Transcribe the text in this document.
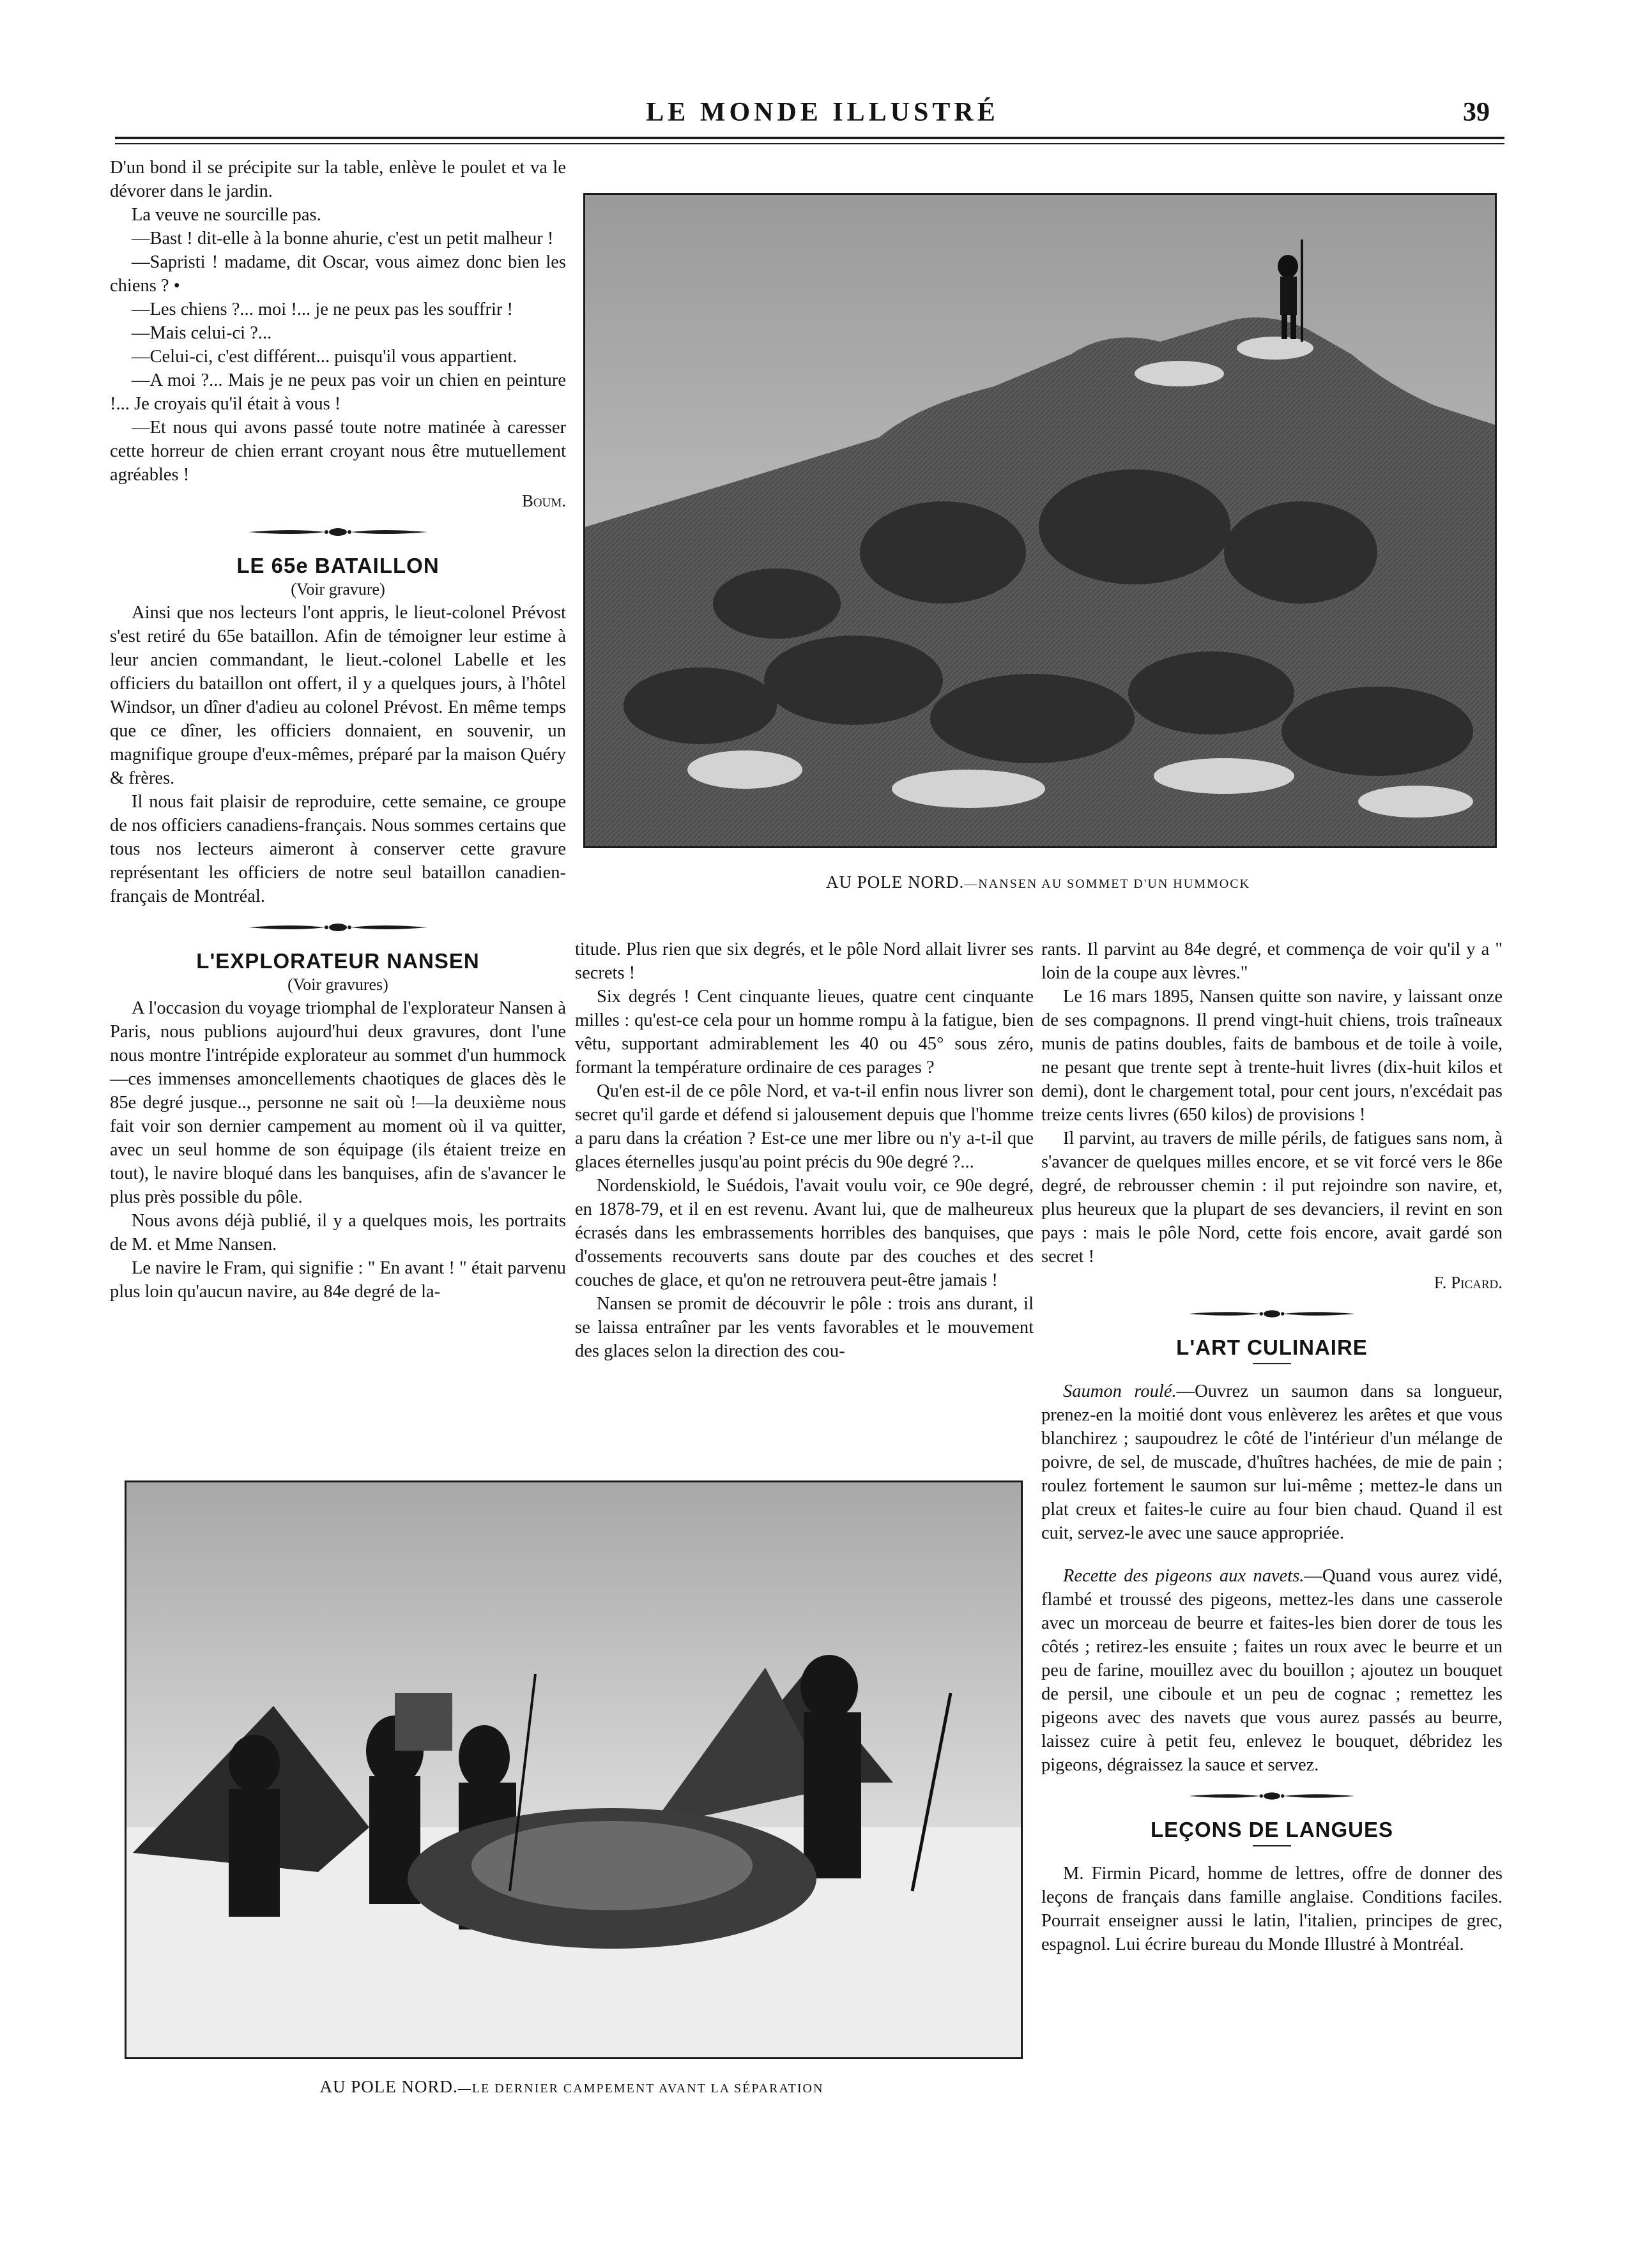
LE MONDE ILLUSTRÉ	39

D'un bond il se précipite sur la table, enlève le poulet et va le dévorer dans le jardin.

La veuve ne sourcille pas.

—Bast ! dit-elle à la bonne ahurie, c'est un petit malheur !

—Sapristi ! madame, dit Oscar, vous aimez donc bien les chiens ? •

—Les chiens ?... moi !... je ne peux pas les souffrir !

—Mais celui-ci ?...

—Celui-ci, c'est différent... puisqu'il vous appartient.

—A moi ?... Mais je ne peux pas voir un chien en peinture !... Je croyais qu'il était à vous !

—Et nous qui avons passé toute notre matinée à caresser cette horreur de chien errant croyant nous être mutuellement agréables !

Boum.
LE 65e BATAILLON

(Voir gravure)

Ainsi que nos lecteurs l'ont appris, le lieut-colonel Prévost s'est retiré du 65e bataillon. Afin de témoigner leur estime à leur ancien commandant, le lieut.-colonel Labelle et les officiers du bataillon ont offert, il y a quelques jours, à l'hôtel Windsor, un dîner d'adieu au colonel Prévost. En même temps que ce dîner, les officiers donnaient, en souvenir, un magnifique groupe d'eux-mêmes, préparé par la maison Quéry & frères.

Il nous fait plaisir de reproduire, cette semaine, ce groupe de nos officiers canadiens-français. Nous sommes certains que tous nos lecteurs aimeront à conserver cette gravure représentant les officiers de notre seul bataillon canadien-français de Montréal.

L'EXPLORATEUR NANSEN

(Voir gravures)

A l'occasion du voyage triomphal de l'explorateur Nansen à Paris, nous publions aujourd'hui deux gravures, dont l'une nous montre l'intrépide explorateur au sommet d'un hummock—ces immenses amoncellements chaotiques de glaces dès le 85e degré jusque.., personne ne sait où !—la deuxième nous fait voir son dernier campement au moment où il va quitter, avec un seul homme de son équipage (ils étaient treize en tout), le navire bloqué dans les banquises, afin de s'avancer le plus près possible du pôle.

Nous avons déjà publié, il y a quelques mois, les portraits de M. et Mme Nansen.

Le navire le Fram, qui signifie : " En avant ! " était parvenu plus loin qu'aucun navire, au 84e degré de la-

AU POLE NORD.—NANSEN AU SOMMET D'UN HUMMOCK

titude. Plus rien que six degrés, et le pôle Nord allait livrer ses secrets !

Six degrés ! Cent cinquante lieues, quatre cent cinquante milles : qu'est-ce cela pour un homme rompu à la fatigue, bien vêtu, supportant admirablement les 40 ou 45° sous zéro, formant la température ordinaire de ces parages ?

Qu'en est-il de ce pôle Nord, et va-t-il enfin nous livrer son secret qu'il garde et défend si jalousement depuis que l'homme a paru dans la création ? Est-ce une mer libre ou n'y a-t-il que glaces éternelles jusqu'au point précis du 90e degré ?...

Nordenskiold, le Suédois, l'avait voulu voir, ce 90e degré, en 1878-79, et il en est revenu. Avant lui, que de malheureux écrasés dans les embrassements horribles des banquises, que d'ossements recouverts sans doute par des couches et des couches de glace, et qu'on ne retrouvera peut-être jamais !

Nansen se promit de découvrir le pôle : trois ans durant, il se laissa entraîner par les vents favorables et le mouvement des glaces selon la direction des cou-

rants. Il parvint au 84e degré, et commença de voir qu'il y a " loin de la coupe aux lèvres."

Le 16 mars 1895, Nansen quitte son navire, y laissant onze de ses compagnons. Il prend vingt-huit chiens, trois traîneaux munis de patins doubles, faits de bambous et de toile à voile, ne pesant que trente sept à trente-huit livres (dix-huit kilos et demi), dont le chargement total, pour cent jours, n'excédait pas treize cents livres (650 kilos) de provisions !

Il parvint, au travers de mille périls, de fatigues sans nom, à s'avancer de quelques milles encore, et se vit forcé vers le 86e degré, de rebrousser chemin : il put rejoindre son navire, et, plus heureux que la plupart de ses devanciers, il revint en son pays : mais le pôle Nord, cette fois encore, avait gardé son secret !

F. Picard.
L'ART CULINAIRE

Saumon roulé.—Ouvrez un saumon dans sa longueur, prenez-en la moitié dont vous enlèverez les arêtes et que vous blanchirez ; saupoudrez le côté de l'intérieur d'un mélange de poivre, de sel, de muscade, d'huîtres hachées, de mie de pain ; roulez fortement le saumon sur lui-même ; mettez-le dans un plat creux et faites-le cuire au four bien chaud. Quand il est cuit, servez-le avec une sauce appropriée.

Recette des pigeons aux navets.—Quand vous aurez vidé, flambé et troussé des pigeons, mettez-les dans une casserole avec un morceau de beurre et faites-les bien dorer de tous les côtés ; retirez-les ensuite ; faites un roux avec le beurre et un peu de farine, mouillez avec du bouillon ; ajoutez un bouquet de persil, une ciboule et un peu de cognac ; remettez les pigeons avec des navets que vous aurez passés au beurre, laissez cuire à petit feu, enlevez le bouquet, débridez les pigeons, dégraissez la sauce et servez.

LEÇONS DE LANGUES

M. Firmin Picard, homme de lettres, offre de donner des leçons de français dans famille anglaise. Conditions faciles. Pourrait enseigner aussi le latin, l'italien, principes de grec, espagnol. Lui écrire bureau du Monde Illustré à Montréal.

AU POLE NORD.—LE DERNIER CAMPEMENT AVANT LA SÉPARATION
